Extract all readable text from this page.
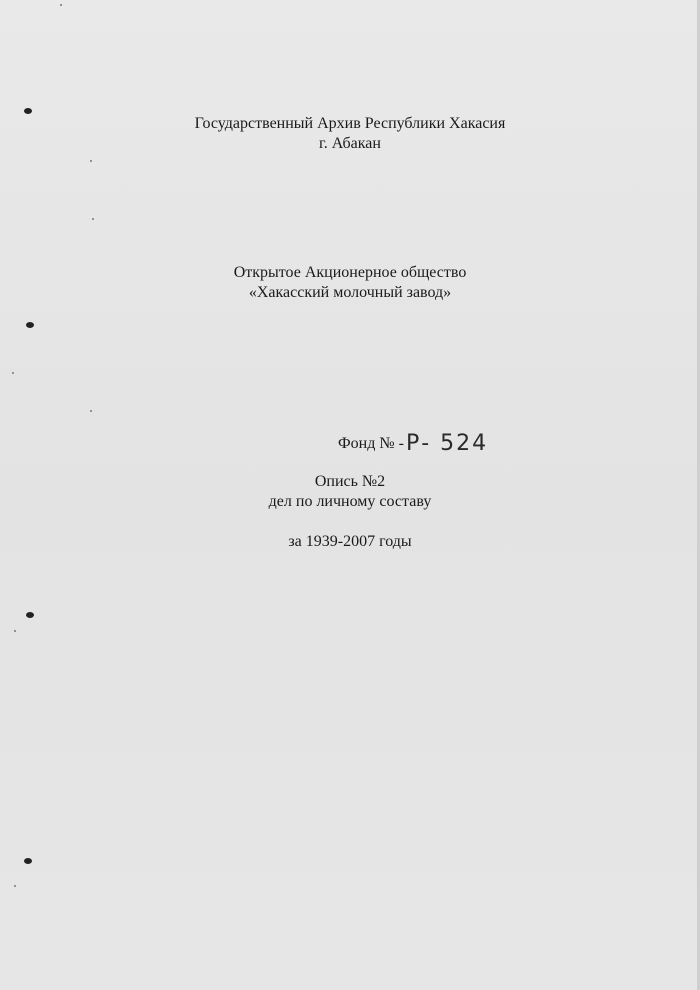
Государственный Архив Республики Хакасия
г. Абакан
Открытое Акционерное общество
«Хакасский молочный завод»
Фонд № -Р- 524
Опись №2
дел по личному составу
за 1939-2007 годы
